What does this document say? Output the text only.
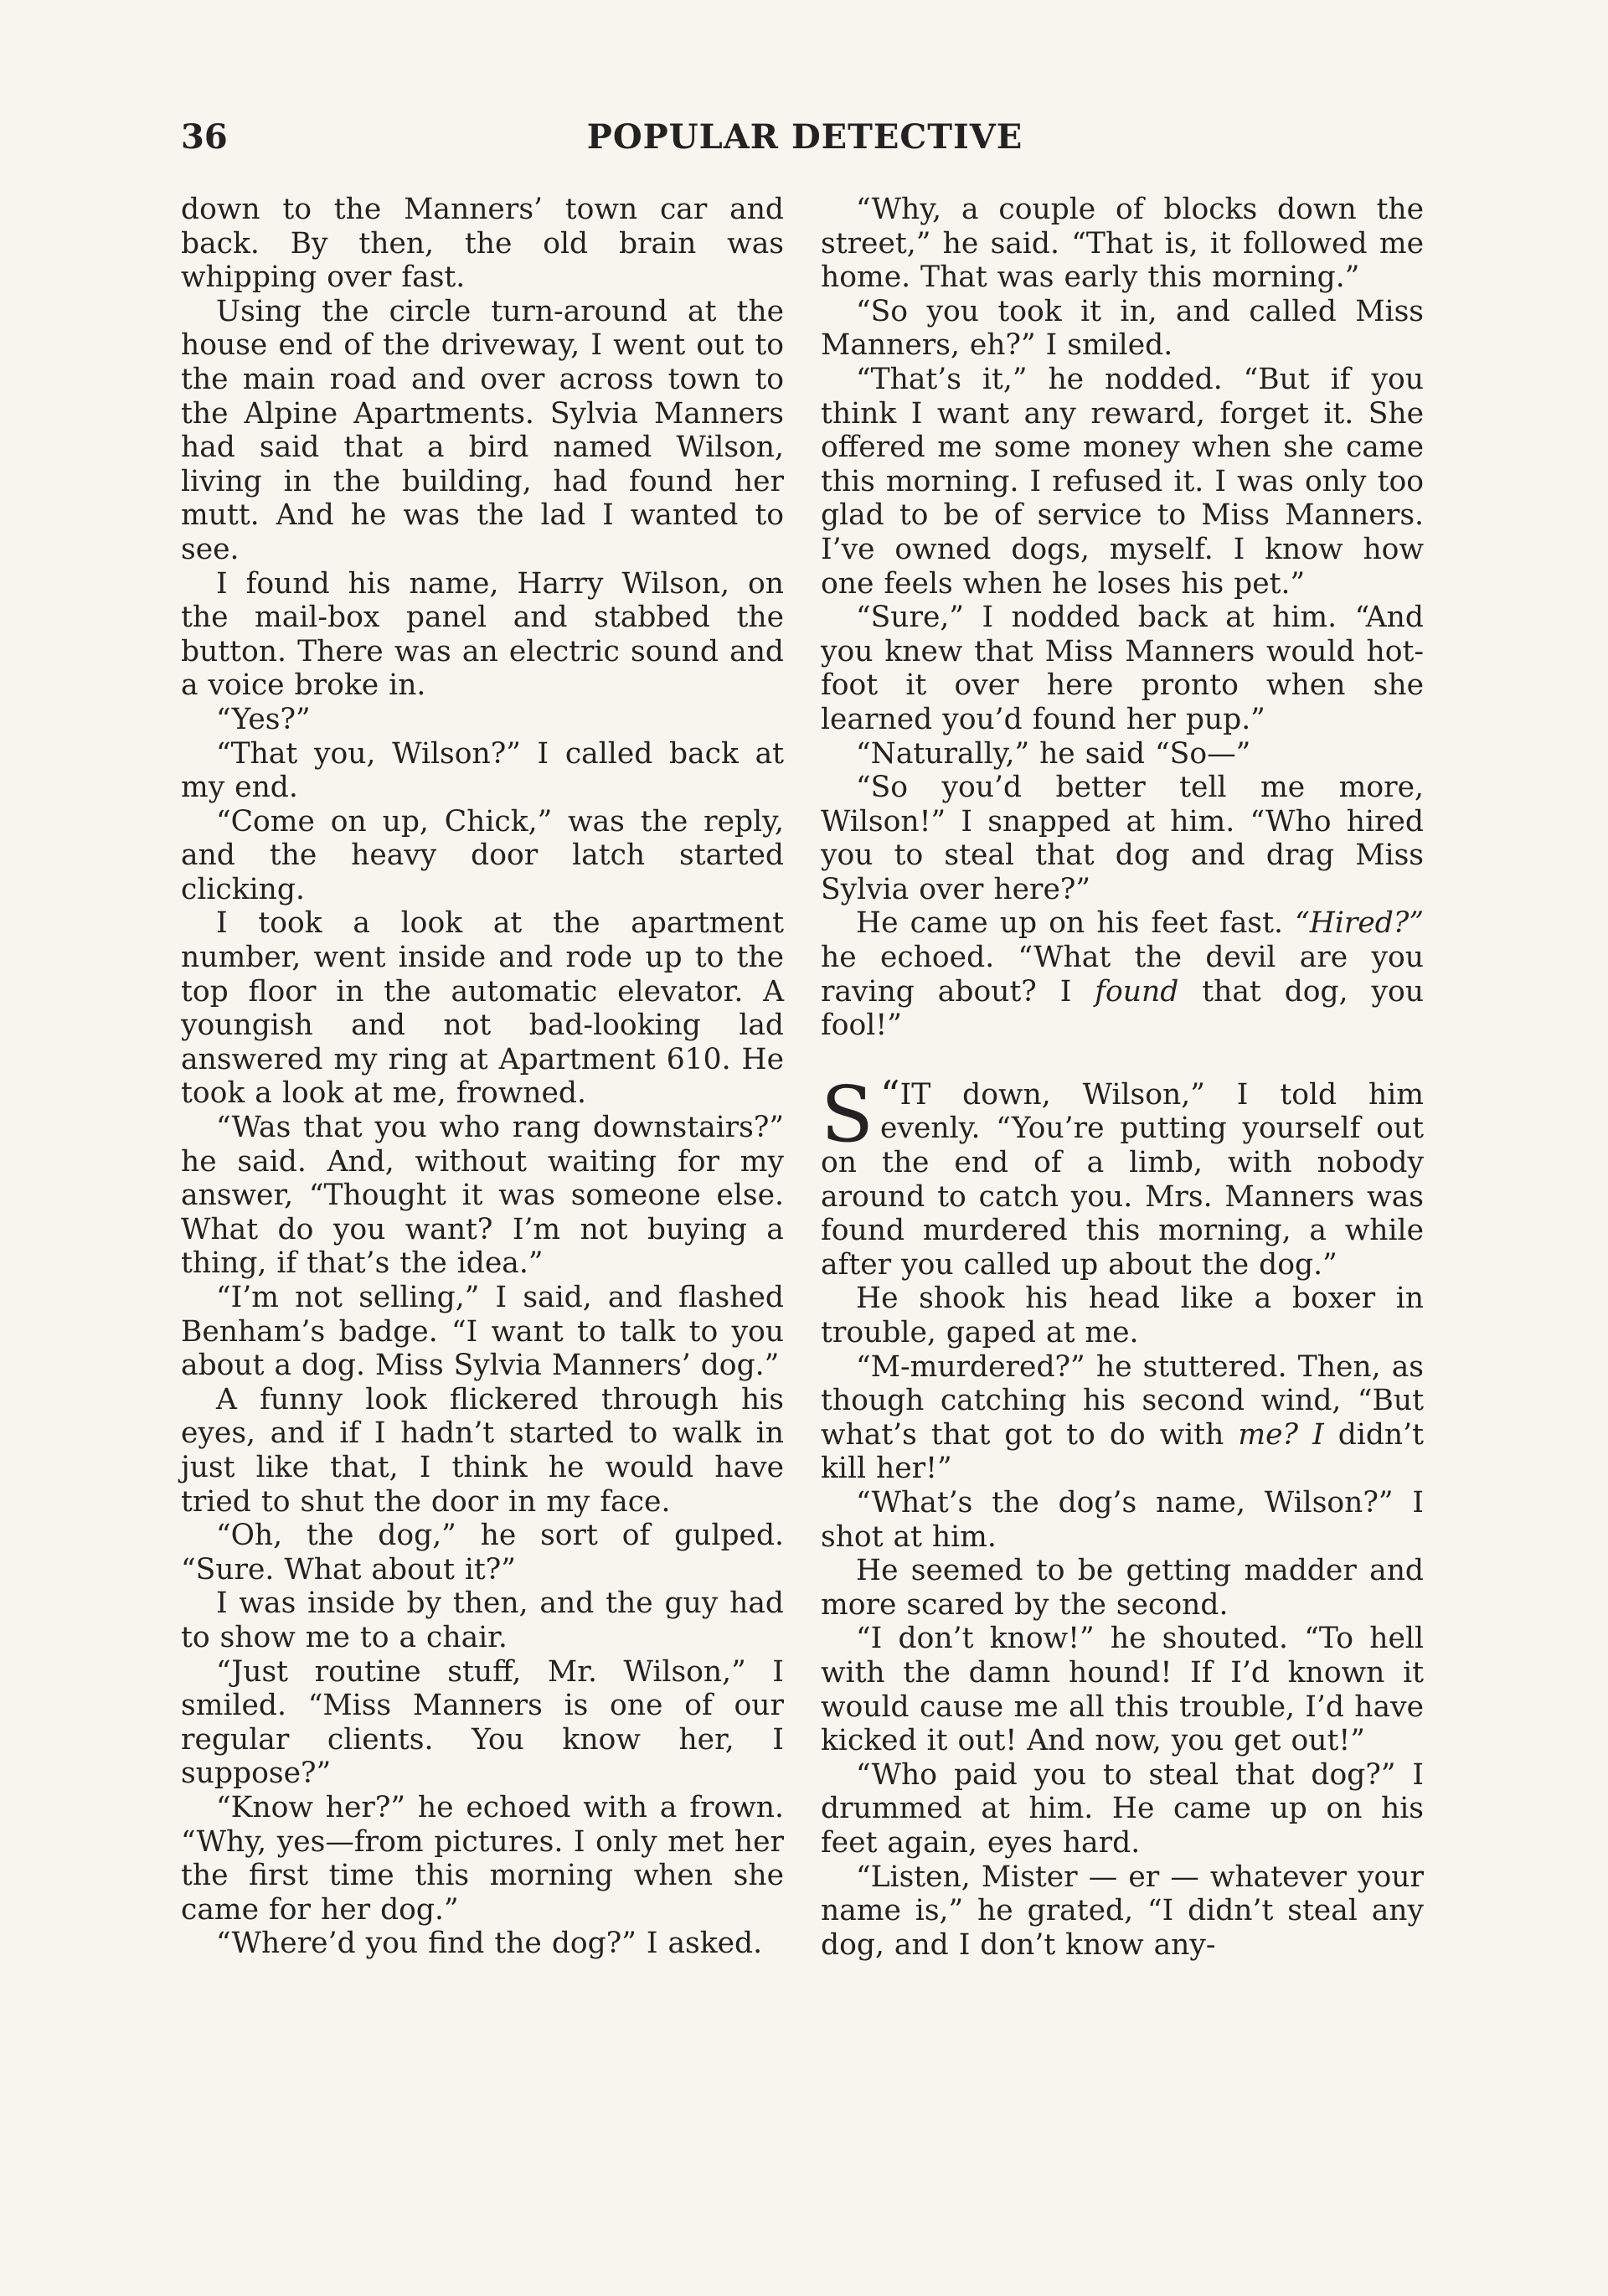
36	POPULAR DETECTIVE

down to the Manners’ town car and back. By then, the old brain was whipping over fast.

Using the circle turn-around at the house end of the driveway, I went out to the main road and over across town to the Alpine Apartments. Sylvia Manners had said that a bird named Wilson, living in the building, had found her mutt. And he was the lad I wanted to see.

I found his name, Harry Wilson, on the mail-box panel and stabbed the button. There was an electric sound and a voice broke in.

“Yes?”

“That you, Wilson?” I called back at my end.

“Come on up, Chick,” was the reply, and the heavy door latch started clicking.

I took a look at the apartment number, went inside and rode up to the top floor in the automatic elevator. A youngish and not bad-looking lad answered my ring at Apartment 610. He took a look at me, frowned.

“Was that you who rang downstairs?” he said. And, without waiting for my answer, “Thought it was someone else. What do you want? I’m not buying a thing, if that’s the idea.”

“I’m not selling,” I said, and flashed Benham’s badge. “I want to talk to you about a dog. Miss Sylvia Manners’ dog.”

A funny look flickered through his eyes, and if I hadn’t started to walk in just like that, I think he would have tried to shut the door in my face.

“Oh, the dog,” he sort of gulped. “Sure. What about it?”

I was inside by then, and the guy had to show me to a chair.

“Just routine stuff, Mr. Wilson,” I smiled. “Miss Manners is one of our regular clients. You know her, I suppose?”

“Know her?” he echoed with a frown. “Why, yes—from pictures. I only met her the first time this morning when she came for her dog.”

“Where’d you find the dog?” I asked.

“Why, a couple of blocks down the street,” he said. “That is, it followed me home. That was early this morning.”

“So you took it in, and called Miss Manners, eh?” I smiled.

“That’s it,” he nodded. “But if you think I want any reward, forget it. She offered me some money when she came this morning. I refused it. I was only too glad to be of service to Miss Manners. I’ve owned dogs, myself. I know how one feels when he loses his pet.”

“Sure,” I nodded back at him. “And you knew that Miss Manners would hot-foot it over here pronto when she learned you’d found her pup.”

“Naturally,” he said “So—”

“So you’d better tell me more, Wilson!” I snapped at him. “Who hired you to steal that dog and drag Miss Sylvia over here?”

He came up on his feet fast. “Hired?” he echoed. “What the devil are you raving about? I found that dog, you fool!”

“
S IT down, Wilson,” I told him evenly. “You’re putting yourself out on the end of a limb, with nobody around to catch you. Mrs. Manners was found murdered this morning, a while after you called up about the dog.”

He shook his head like a boxer in trouble, gaped at me.

“M-murdered?” he stuttered. Then, as though catching his second wind, “But what’s that got to do with me? I didn’t kill her!”

“What’s the dog’s name, Wilson?” I shot at him.

He seemed to be getting madder and more scared by the second.

“I don’t know!” he shouted. “To hell with the damn hound! If I’d known it would cause me all this trouble, I’d have kicked it out! And now, you get out!”

“Who paid you to steal that dog?” I drummed at him. He came up on his feet again, eyes hard.

“Listen, Mister — er — whatever your name is,” he grated, “I didn’t steal any dog, and I don’t know any-
